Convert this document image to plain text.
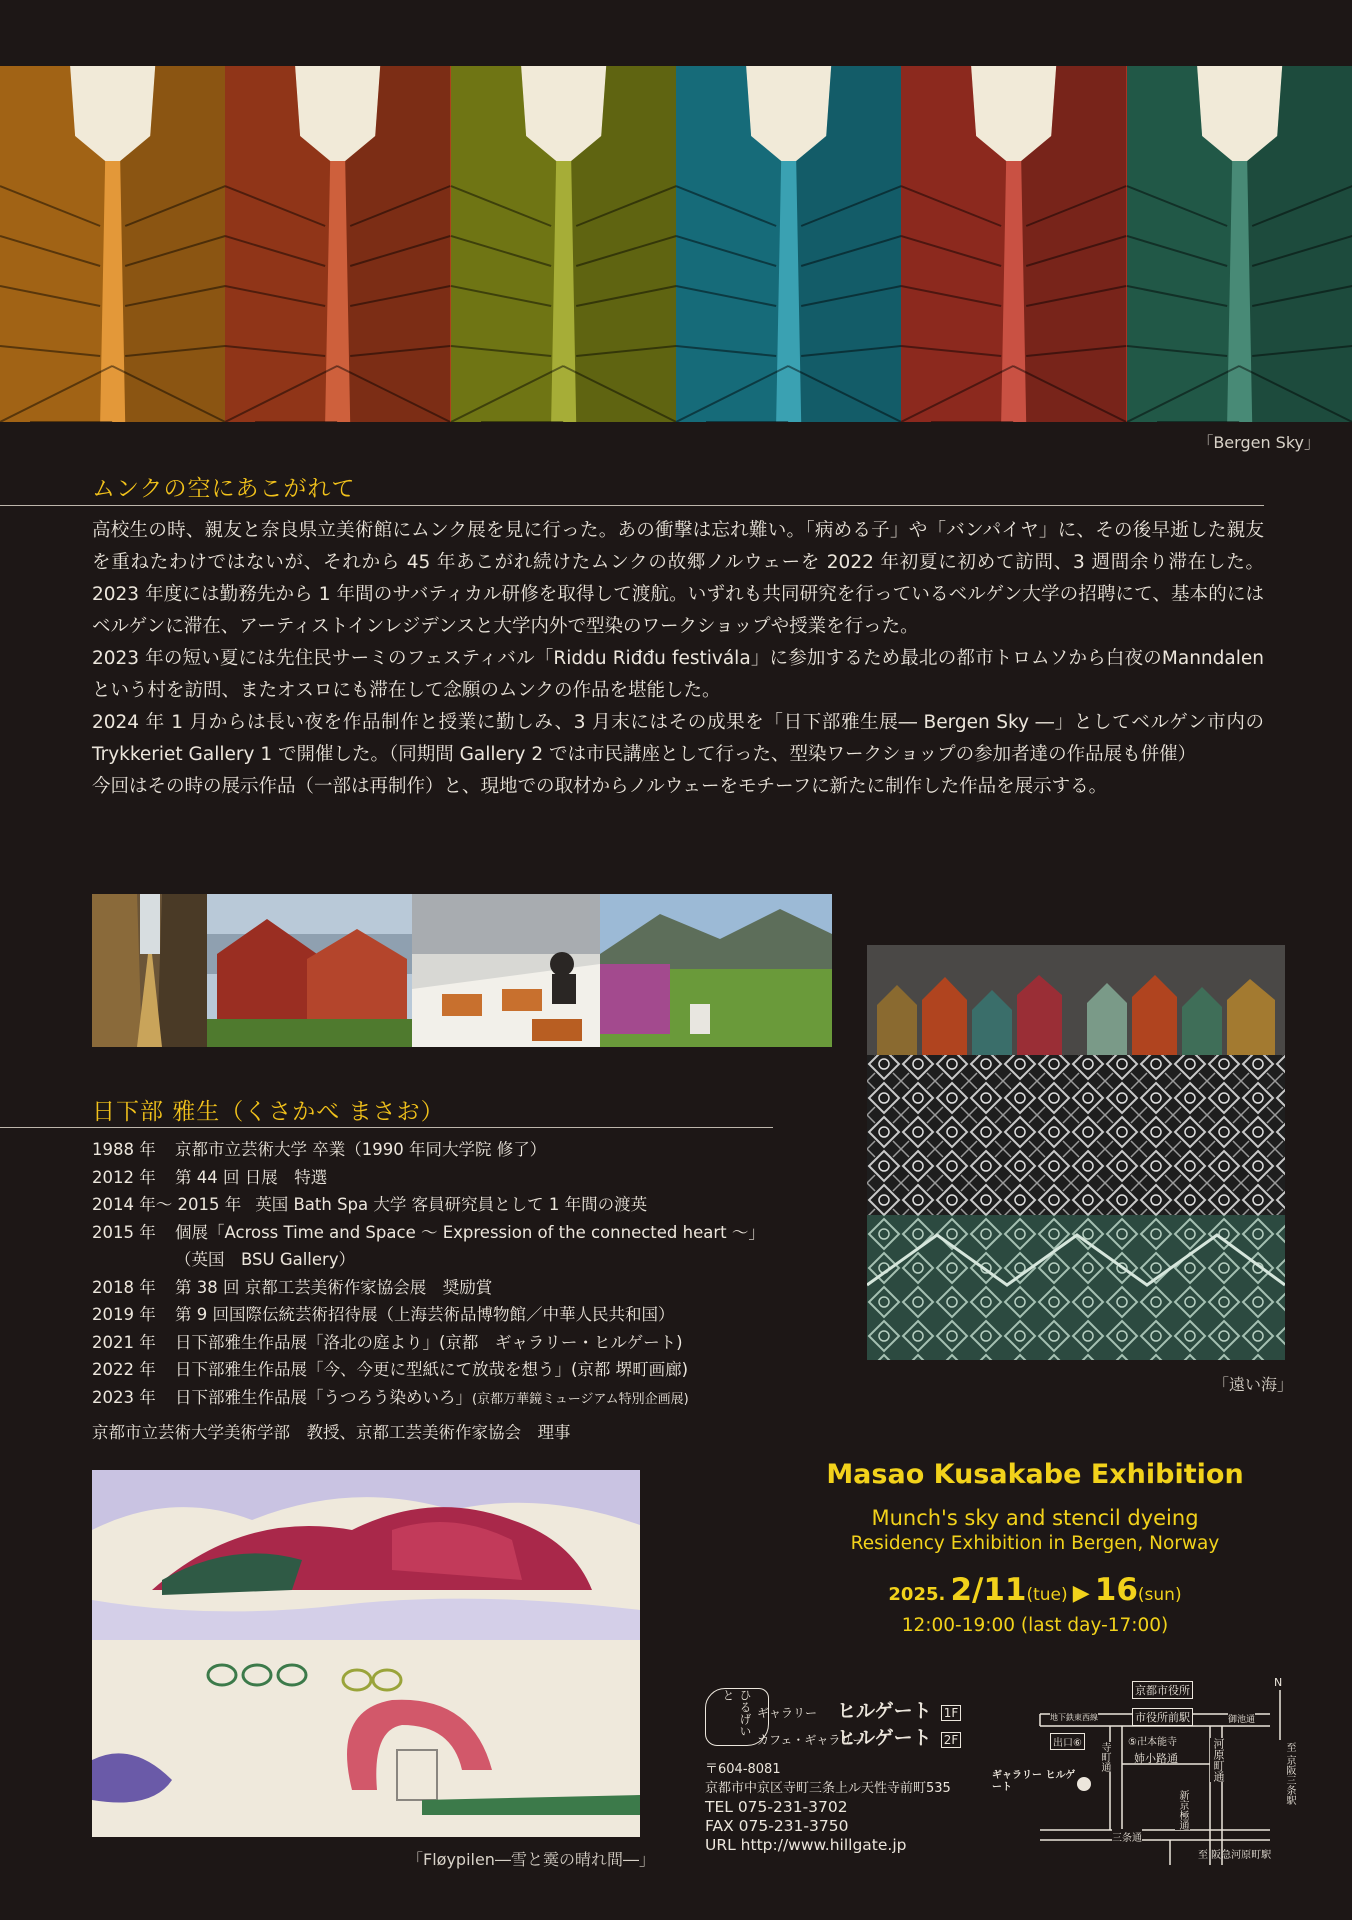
「Bergen Sky」
ムンクの空にあこがれて

高校生の時、親友と奈良県立美術館にムンク展を見に行った。あの衝撃は忘れ難い。「病める子」や「バンパイヤ」に、その後早逝した親友を重ねたわけではないが、それから 45 年あこがれ続けたムンクの故郷ノルウェーを 2022 年初夏に初めて訪問、3 週間余り滞在した。2023 年度には勤務先から 1 年間のサバティカル研修を取得して渡航。いずれも共同研究を行っているベルゲン大学の招聘にて、基本的にはベルゲンに滞在、アーティストインレジデンスと大学内外で型染のワークショップや授業を行った。

2023 年の短い夏には先住民サーミのフェスティバル「Riddu Riđđu festivála」に参加するため最北の都市トロムソから白夜のManndalen という村を訪問、またオスロにも滞在して念願のムンクの作品を堪能した。

2024 年 1 月からは長い夜を作品制作と授業に勤しみ、3 月末にはその成果を「日下部雅生展― Bergen Sky ―」としてベルゲン市内の Trykkeriet Gallery 1 で開催した。（同期間 Gallery 2 では市民講座として行った、型染ワークショップの参加者達の作品展も併催）

今回はその時の展示作品（一部は再制作）と、現地での取材からノルウェーをモチーフに新たに制作した作品を展示する。

日下部 雅生（くさかべ まさお）
1988 年	京都市立芸術大学 卒業（1990 年同大学院 修了）
2012 年	第 44 回 日展　特選
2014 年～ 2015 年 英国 Bath Spa 大学 客員研究員として 1 年間の渡英
2015 年	個展「Across Time and Space ～ Expression of the connected heart ～」
（英国　BSU Gallery）
2018 年	第 38 回 京都工芸美術作家協会展　奨励賞
2019 年	第 9 回国際伝統芸術招待展（上海芸術品博物館／中華人民共和国）
2021 年	日下部雅生作品展「洛北の庭より」(京都　ギャラリー・ヒルゲート)
2022 年	日下部雅生作品展「今、今更に型紙にて放哉を想う」(京都 堺町画廊)
2023 年	日下部雅生作品展「うつろう染めいろ」 (京都万華鏡ミュージアム特別企画展)
京都市立芸術大学美術学部　教授、京都工芸美術作家協会　理事
「遠い海」
「Fløypilen―雪と霙の晴れ間―」
Masao Kusakabe Exhibition
Munch's sky and stencil dyeing
Residency Exhibition in Bergen, Norway
2025. 2/11(tue) ▶ 16(sun)
12:00-19:00 (last day-17:00)
ひるげいと
ギャラリー ヒルゲート 1F
カフェ・ギャラリーヒルゲート 2F
〒604-8081
京都市中京区寺町三条上ル天性寺前町535
TEL 075-231-3702
FAX 075-231-3750
URL http://www.hillgate.jp
京都市役所
市役所前駅
地下鉄東西線	御池通
出口⑥	⑤卍本能寺
姉小路通
寺町通	河原町通
ギャラリー ヒルゲート
三条通
新京極通
至 京阪三条駅
至 阪急河原町駅
N
